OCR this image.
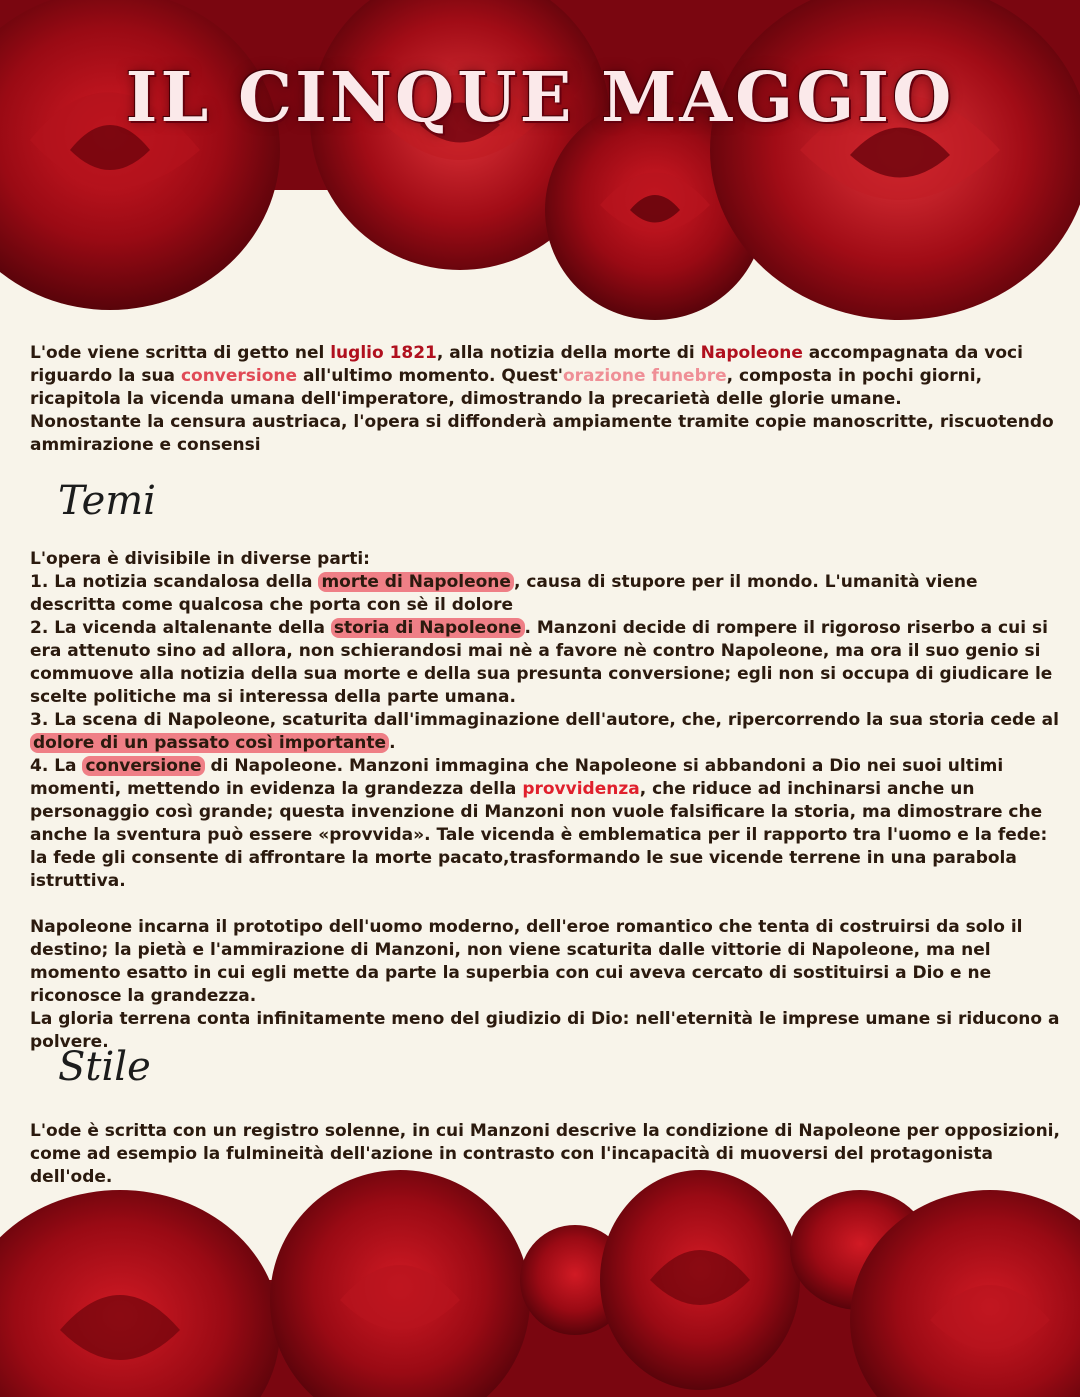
IL CINQUE MAGGIO

L'ode viene scritta di getto nel luglio 1821, alla notizia della morte di Napoleone accompagnata da voci riguardo la sua conversione all'ultimo momento. Quest'orazione funebre, composta in pochi giorni, ricapitola la vicenda umana dell'imperatore, dimostrando la precarietà delle glorie umane.

Nonostante la censura austriaca, l'opera si diffonderà ampiamente tramite copie manoscritte, riscuotendo ammirazione e consensi

Temi

L'opera è divisibile in diverse parti:

1. La notizia scandalosa della morte di Napoleone , causa di stupore per il mondo. L'umanità viene descritta come qualcosa che porta con sè il dolore

2. La vicenda altalenante della storia di Napoleone . Manzoni decide di rompere il rigoroso riserbo a cui si era attenuto sino ad allora, non schierandosi mai nè a favore nè contro Napoleone, ma ora il suo genio si commuove alla notizia della sua morte e della sua presunta conversione; egli non si occupa di giudicare le scelte politiche ma si interessa della parte umana.

3. La scena di Napoleone, scaturita dall'immaginazione dell'autore, che, ripercorrendo la sua storia cede al dolore di un passato così importante .

4. La conversione di Napoleone. Manzoni immagina che Napoleone si abbandoni a Dio nei suoi ultimi momenti, mettendo in evidenza la grandezza della provvidenza, che riduce ad inchinarsi anche un personaggio così grande; questa invenzione di Manzoni non vuole falsificare la storia, ma dimostrare che anche la sventura può essere «provvida». Tale vicenda è emblematica per il rapporto tra l'uomo e la fede: la fede gli consente di affrontare la morte pacato,trasformando le sue vicende terrene in una parabola istruttiva.

Napoleone incarna il prototipo dell'uomo moderno, dell'eroe romantico che tenta di costruirsi da solo il destino; la pietà e l'ammirazione di Manzoni, non viene scaturita dalle vittorie di Napoleone, ma nel momento esatto in cui egli mette da parte la superbia con cui aveva cercato di sostituirsi a Dio e ne riconosce la grandezza.

La gloria terrena conta infinitamente meno del giudizio di Dio: nell'eternità le imprese umane si riducono a polvere.

Stile

L'ode è scritta con un registro solenne, in cui Manzoni descrive la condizione di Napoleone per opposizioni, come ad esempio la fulmineità dell'azione in contrasto con l'incapacità di muoversi del protagonista dell'ode.
